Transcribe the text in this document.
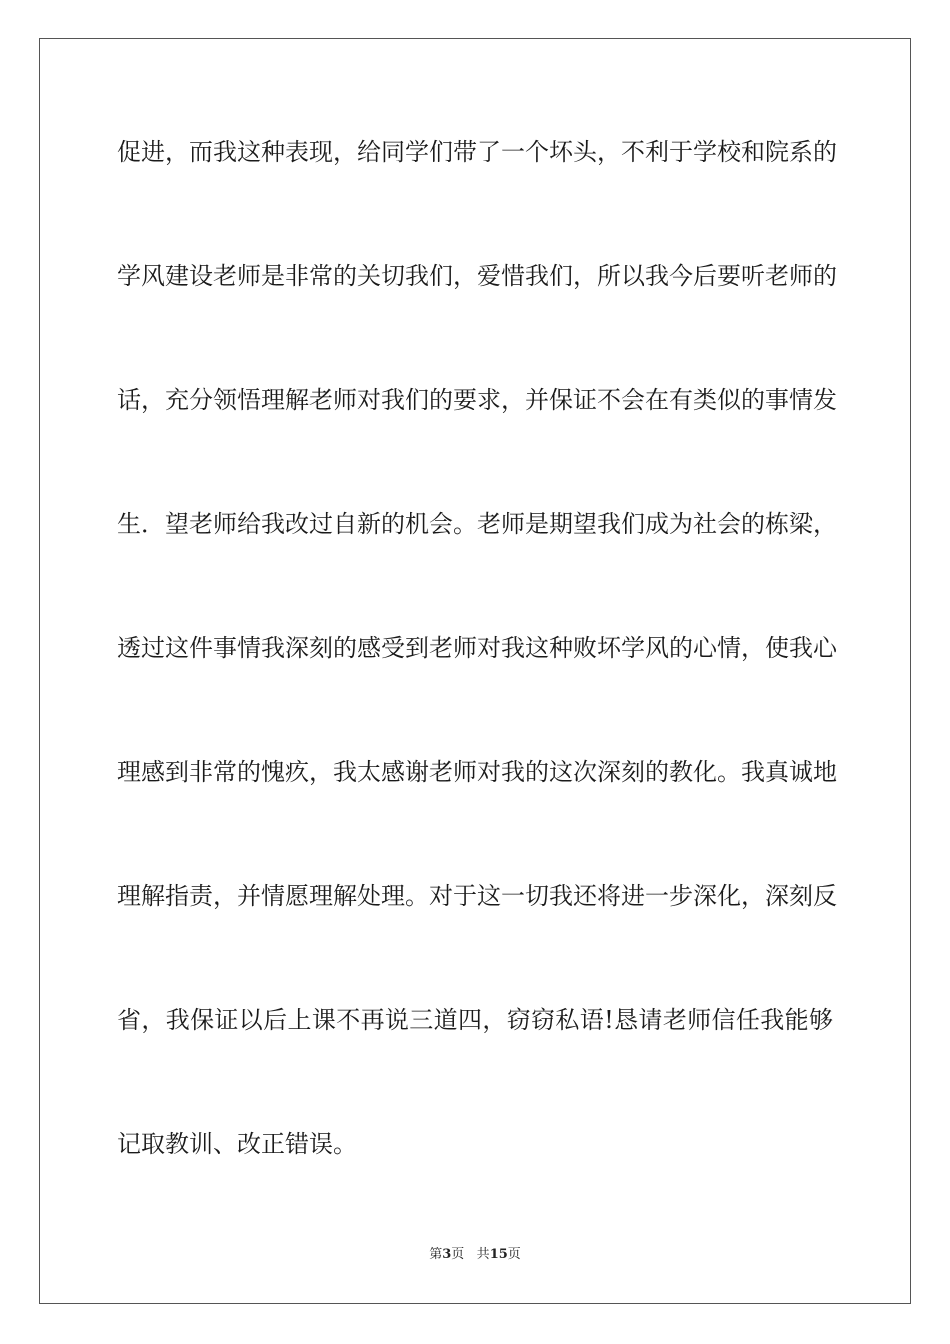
促进，而我这种表现，给同学们带了一个坏头，不利于学校和院系的
学风建设老师是非常的关切我们，爱惜我们，所以我今后要听老师的
话，充分领悟理解老师对我们的要求，并保证不会在有类似的事情发
生．望老师给我改过自新的机会。老师是期望我们成为社会的栋梁，
透过这件事情我深刻的感受到老师对我这种败坏学风的心情，使我心
理感到非常的愧疚，我太感谢老师对我的这次深刻的教化。我真诚地
理解指责，并情愿理解处理。对于这一切我还将进一步深化，深刻反
省，我保证以后上课不再说三道四，窃窃私语!恳请老师信任我能够
记取教训、改正错误。
第3页 共15页
